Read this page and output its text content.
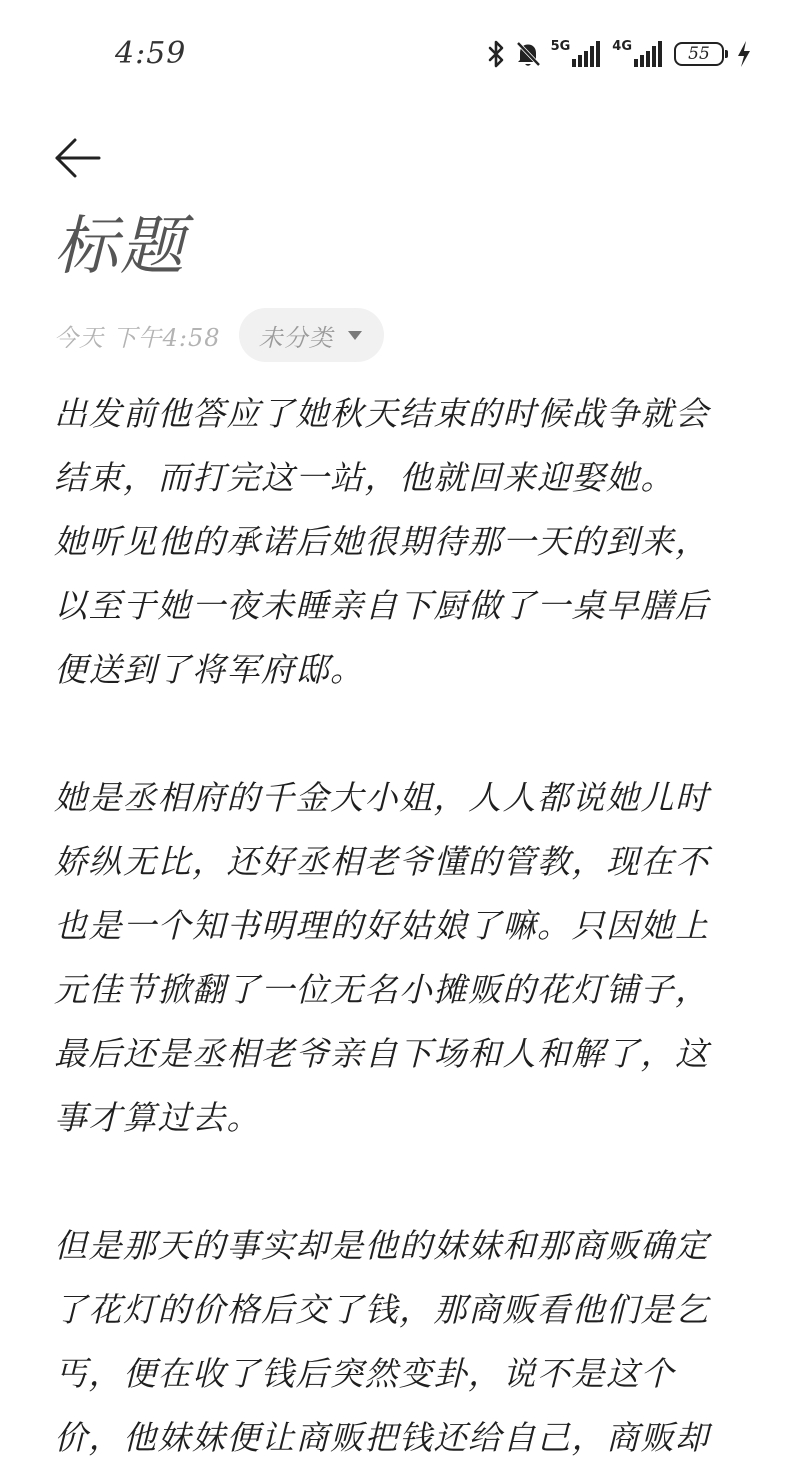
4:59	5G	4G	55
标题
今天 下午4:58 未分类

出发前他答应了她秋天结束的时候战争就会
结束，而打完这一站，他就回来迎娶她。
她听见他的承诺后她很期待那一天的到来，
以至于她一夜未睡亲自下厨做了一桌早膳后
便送到了将军府邸。

她是丞相府的千金大小姐，人人都说她儿时
娇纵无比，还好丞相老爷懂的管教，现在不
也是一个知书明理的好姑娘了嘛。只因她上
元佳节掀翻了一位无名小摊贩的花灯铺子，
最后还是丞相老爷亲自下场和人和解了，这
事才算过去。

但是那天的事实却是他的妹妹和那商贩确定
了花灯的价格后交了钱，那商贩看他们是乞
丐，便在收了钱后突然变卦，说不是这个
价，他妹妹便让商贩把钱还给自己，商贩却
